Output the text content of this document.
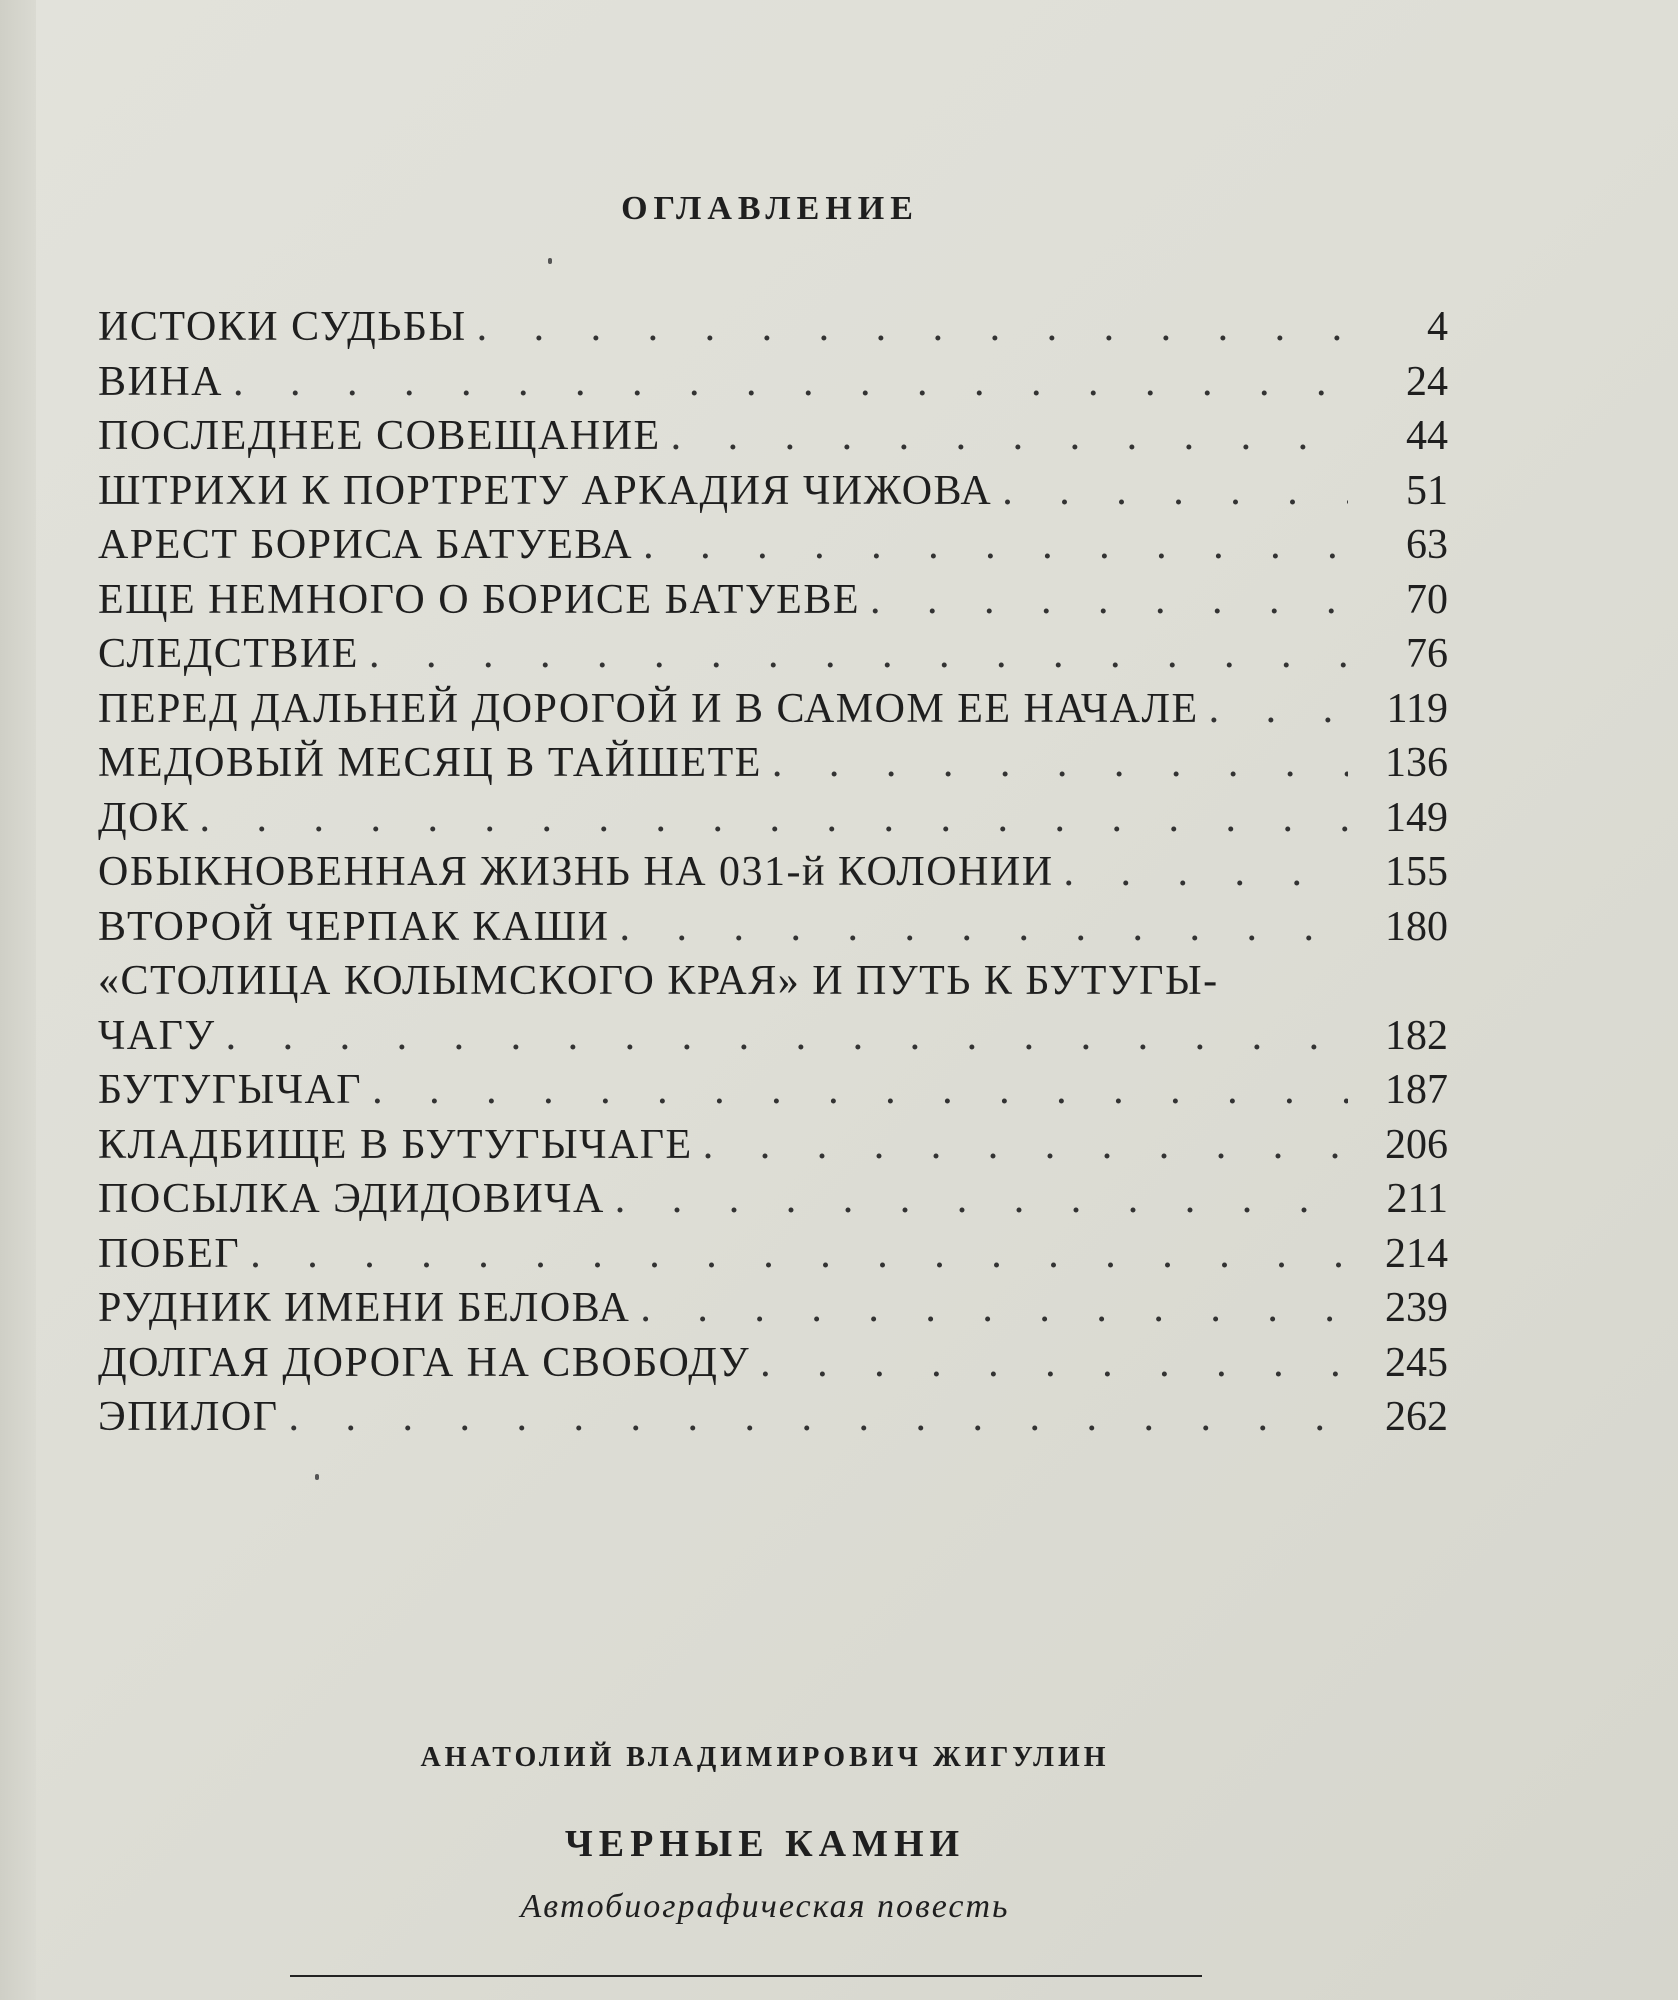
ОГЛАВЛЕНИЕ
ИСТОКИ СУДЬБЫ . . .	4
ВИНА . . .	24
ПОСЛЕДНЕЕ СОВЕЩАНИЕ . . .	44
ШТРИХИ К ПОРТРЕТУ АРКАДИЯ ЧИЖОВА . . .	51
АРЕСТ БОРИСА БАТУЕВА . . .	63
ЕЩЕ НЕМНОГО О БОРИСЕ БАТУЕВЕ . . .	70
СЛЕДСТВИЕ . . .	76
ПЕРЕД ДАЛЬНЕЙ ДОРОГОЙ И В САМОМ ЕЕ НАЧАЛЕ . . .	119
МЕДОВЫЙ МЕСЯЦ В ТАЙШЕТЕ . . .	136
ДОК . . .	149
ОБЫКНОВЕННАЯ ЖИЗНЬ НА 031-й КОЛОНИИ . . .	155
ВТОРОЙ ЧЕРПАК КАШИ . . .	180
«СТОЛИЦА КОЛЫМСКОГО КРАЯ» И ПУТЬ К БУТУГЫ-
ЧАГУ . . .	182
БУТУГЫЧАГ . . .	187
КЛАДБИЩЕ В БУТУГЫЧАГЕ . . .	206
ПОСЫЛКА ЭДИДОВИЧА . . .	211
ПОБЕГ . . .	214
РУДНИК ИМЕНИ БЕЛОВА . . .	239
ДОЛГАЯ ДОРОГА НА СВОБОДУ . . .	245
ЭПИЛОГ . . .	262

АНАТОЛИЙ ВЛАДИМИРОВИЧ ЖИГУЛИН

ЧЕРНЫЕ КАМНИ

Автобиографическая повесть
